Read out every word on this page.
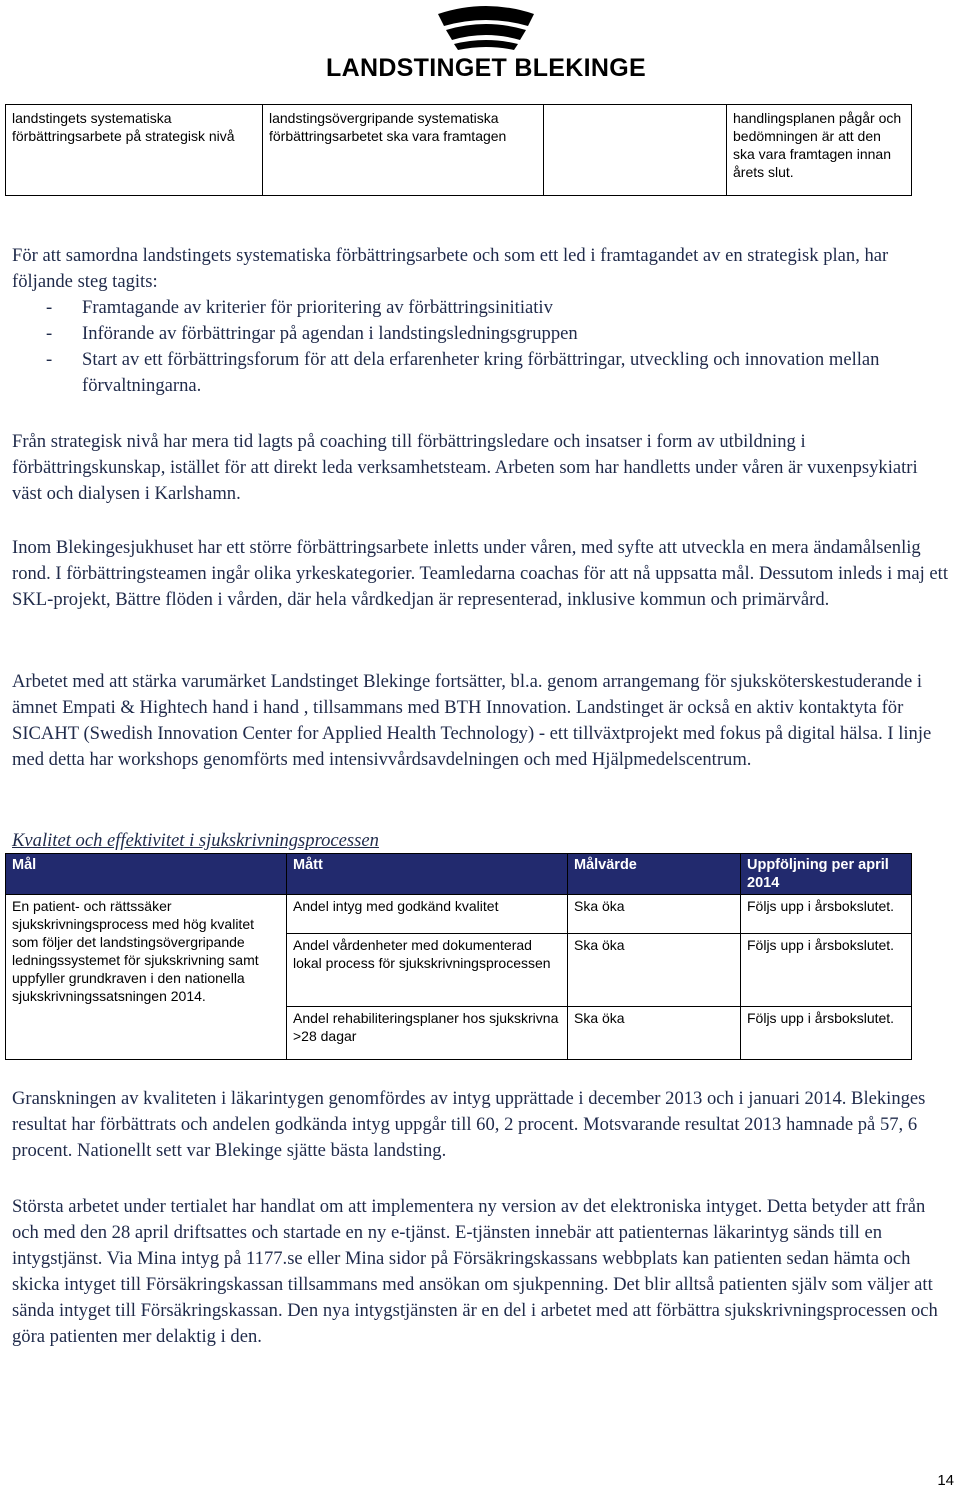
LANDSTINGET BLEKINGE
landstingets systematiska förbättringsarbete på strategisk nivå	landstingsövergripande systematiska förbättringsarbetet ska vara framtagen		handlingsplanen pågår och bedömningen är att den ska vara framtagen innan årets slut.
För att samordna landstingets systematiska förbättringsarbete och som ett led i framtagandet av en strategisk plan, har följande steg tagits:
- Framtagande av kriterier för prioritering av förbättringsinitiativ
- Införande av förbättringar på agendan i landstingsledningsgruppen
- Start av ett förbättringsforum för att dela erfarenheter kring förbättringar, utveckling och innovation mellan förvaltningarna.

Från strategisk nivå har mera tid lagts på coaching till förbättringsledare och insatser i form av utbildning i förbättringskunskap, istället för att direkt leda verksamhetsteam. Arbeten som har handletts under våren är vuxenpsykiatri väst och dialysen i Karlshamn.

Inom Blekingesjukhuset har ett större förbättringsarbete inletts under våren, med syfte att utveckla en mera ändamålsenlig rond. I förbättringsteamen ingår olika yrkeskategorier. Teamledarna coachas för att nå uppsatta mål. Dessutom inleds i maj ett SKL-projekt, Bättre flöden i vården, där hela vårdkedjan är representerad, inklusive kommun och primärvård.

Arbetet med att stärka varumärket Landstinget Blekinge fortsätter, bl.a. genom arrangemang för sjuksköterskestuderande i ämnet Empati & Hightech hand i hand , tillsammans med BTH Innovation. Landstinget är också en aktiv kontaktyta för SICAHT (Swedish Innovation Center for Applied Health Technology) - ett tillväxtprojekt med fokus på digital hälsa. I linje med detta har workshops genomförts med intensivvårdsavdelningen och med Hjälpmedelscentrum.

Kvalitet och effektivitet i sjukskrivningsprocessen

Mål	Mått	Målvärde	Uppföljning per april 2014
En patient- och rättssäker sjukskrivningsprocess med hög kvalitet som följer det landstingsövergripande ledningssystemet för sjukskrivning samt uppfyller grundkraven i den nationella sjukskrivningssatsningen 2014.	Andel intyg med godkänd kvalitet	Ska öka	Följs upp i årsbokslutet.
	Andel vårdenheter med dokumenterad lokal process för sjukskrivningsprocessen	Ska öka	Följs upp i årsbokslutet.
	Andel rehabiliteringsplaner hos sjukskrivna >28 dagar	Ska öka	Följs upp i årsbokslutet.

Granskningen av kvaliteten i läkarintygen genomfördes av intyg upprättade i december 2013 och i januari 2014. Blekinges resultat har förbättrats och andelen godkända intyg uppgår till 60, 2 procent. Motsvarande resultat 2013 hamnade på 57, 6 procent. Nationellt sett var Blekinge sjätte bästa landsting.

Största arbetet under tertialet har handlat om att implementera ny version av det elektroniska intyget. Detta betyder att från och med den 28 april driftsattes och startade en ny e-tjänst. E-tjänsten innebär att patienternas läkarintyg sänds till en intygstjänst. Via Mina intyg på 1177.se eller Mina sidor på Försäkringskassans webbplats kan patienten sedan hämta och skicka intyget till Försäkringskassan tillsammans med ansökan om sjukpenning. Det blir alltså patienten själv som väljer att sända intyget till Försäkringskassan. Den nya intygstjänsten är en del i arbetet med att förbättra sjukskrivningsprocessen och göra patienten mer delaktig i den.

14
